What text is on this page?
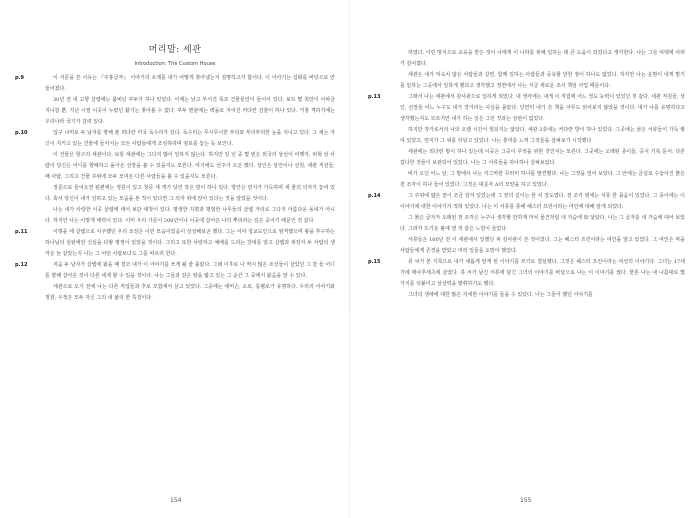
머리말: 세관
Introduction: The Custom House
p.9	이 서문을 쓴 이유는 『주홍글자』 이야기의 소재를 내가 어떻게 찾아냈는지 설명하고자 함이다. 이 이야기는 실화를 바탕으로 만들어졌다.
30년 전 내 고향 살렘에는 붐비던 부두가 하나 있었다. 이제는 낡고 부서진 목조 건물들만이 들어서 있다. 보트 몇 척만이 이따금 지나갈 뿐, 지난 시절 이곳이 누렸던 활기는 찾아볼 수 없다. 부두 맨끝에는 벽돌로 지어진 커다란 건물이 하나 있다. 거창 격하기에는 우리나라 국기가 걸려 있다.
p.10	입구 너머로 두 남자를 향해 푼 외다란 미국 독수리가 있다. 독수리는 무시무시한 부리와 부리부리한 눈을 지니고 있다. 그 새는 자신이 지키고 있는 건물에 들어서는 모든 사람들에게 조심하라며 엄포를 놓는 듯 보인다.
이 건물은 항구의 세관이다. 보통 세관에는 그다지 많이 일하지 않는다. 하지만 일 년 중 몇 번은 외국의 상선이 여행자, 피혁 상 사람이 당신은 어디를 향해하고 돌아온 선장을 볼 수 있을지도 모른다. 여기에도 선주가 오곤 했다. 상인은 상인이나 선원, 세관 직원들, 배 사람, 그리고 건물 주위에 모두 모여든 다른 사람들을 볼 수 있을지도 모른다.
정문으로 들어오면 왼편에는 정원이 있고 창문 세 개가 달린 작은 방이 하나 있다. 방안은 먼지가 가득하며 세 줄의 의자가 놓여 있다. 축서 당신이 내가 일하고 있는 모습을 본 적이 있다면 그 의자 위에 앉아 있다는 것을 알았을 것이다.
나는 내가 사랑한 이곳 살렘에 태어 보단 애착이 있다. 평생한 지평과 평범한 나무들의 살렘 거리로 그다지 아름다운 동네가 아니다. 하지만 나는 이렇게 매력이 있다. 이미 우리 가문이 200년이나 이곳에 살아온 나의 뿌리라는 깊은 곳이기 때문인 것 같다.
p.11	이렇을 에 살렘으로 이주했던 우리 조상은 이런 모습이었음이 상상해보곤 했다. 그는 이야 청교도인으로 엄격했으며 왕을 추구하는 하나님의 심판에만 신심을 다할 평정이 있었을 것이다. 그리고 또한 사랑하고 예배를 드리는 강대를 알고 살렘과 위장자 두 사람의 생각은 늘 같았는지 나는 그 어떤 사람보다도 그를 따르려 한다.
p.12	처음 두 남자가 살렘에 왔을 때 결코 내가 이 이야기를 쓰게 될 줄 몰랐다. 그래 이후로 나 역시 많은 조상들이 살았던 그 잘 들 어디를 향해 살아온 것이 다른 세계 할 수 있을 것이다. 나는 그들과 같은 땅을 밟고 있는 그 순간 그 곳에서 왔음을 알 수 있다.
세관으로 오기 전에 나는 다른 직업들과 후로 모험에서 살고 있었다. 그중에는 에머슨, 소로, 롱펠로가 유명하다. 우리의 이야기와 정원, 우정은 모두 자신 그의 내 삶의 한 특징이다.
154
하였다. 이런 방식으로 교육을 받은 것이 나에게 이 나라를 위해 일하는 데 큰 도움이 되었다고 생각한다. 나는 그들 덕택에 사려가 깊어졌다.
세관은 내가 익숙치 않은 사람들과 살면, 함께 일하는 사람들과 공유할 만한 점이 하나도 없었다. 하지만 나는 운명이 내게 맡기를 일하는 그곳에서 일하게 했다고 생각했고 정면에서 나는 지금 새로운 조사 책임 사업 때문이다.
p.13	그래서 나는 세관에서 감사관으로 일하게 되었다. 내 생각에는 내게 이 직업에 어느 정도 능력이 있었던 것 같다. 세관 직원들, 상인, 선장들 어느 누구도 내가 작가라는 사실을 몰랐다. 당연히 내가 쓴 책을 아무도 읽어보지 않았을 것이다. 내가 나를 유명하다고 생각했는지도 모르지만 내가 하는 일은 그런 것과는 상관이 없었다.
하지만 작가로서의 나의 오랜 시간이 헛되지는 않았다. 세관 2층에는 커다란 방이 하나 있었다. 그곳에는 낡은 서류들이 가득 쌓여 있었고, 먼지가 그 위를 뒤덮고 있었다. 나는 흥미를 느껴 그것들을 살펴보기 시작했다.
세관에는 외다란 방이 하나 있는데 이곳은 그곳이 무엇을 위한 것인지는 모른다. 그곳에는 오래된 종이들, 공식 기록 문서, 다른 잡다한 것들이 보관되어 있었다. 나는 그 서류들을 하나하나 살펴보았다.
비가 오던 어느 날, 그 방에서 나는 자그마한 꾸러미 하나를 발견했다. 나는 그것을 열어 보았다. 그 안에는 금실로 수놓아진 붉은 천 조각이 하나 들어 있었다. 그것은 대문자 A의 모양을 하고 있었다.
p.14	그 주위에 얇은 천이 조금 감겨 있었는데 그 천의 길이는 한 치 정도였다. 천 조각 옆에는 서류 한 묶음이 있었다. 그 종이에는 이 이야기에 대한 이야기가 적혀 있었다. 나는 이 서류를 통해 헤스터 프린이라는 여인에 대해 알게 되었다.
그 붉은 글자가 오래된 천 조각은 누구나 생각할 만하게 마치 물건처럼 내 가슴에 와 닿았다. 나는 그 글자를 내 가슴에 대어 보았다. 그러자 뜨거운 불에 덴 것 같은 느낌이 들었다.
서류들은 100년 전 이 세관에서 일했던 피 감사관이 쓴 것이었다. 그는 헤스터 프린이라는 여인을 알고 있었다. 그 여인은 마을 사람들에게 존경을 받았고 여러 일들을 도맡아 했었다.
p.15	류 씨가 본 기록으로 내가 새롭게 알게 된 이야기를 쓰기로 결심했다. 그것은 헤스터 프린이라는 여성의 이야기다. 그녀는 17세기에 매사추세츠에 살았다. 류 씨가 남긴 서류에 담긴 그녀의 이야기를 바탕으로 나는 이 이야기를 썼다. 물론 나는 내 나름대로 몇 가지를 덧붙이고 상상력을 발휘하기도 했다.
그녀의 생애에 대한 많은 자세한 이야기를 들을 수 있었다. 나는 그들이 했던 이야기를
155
